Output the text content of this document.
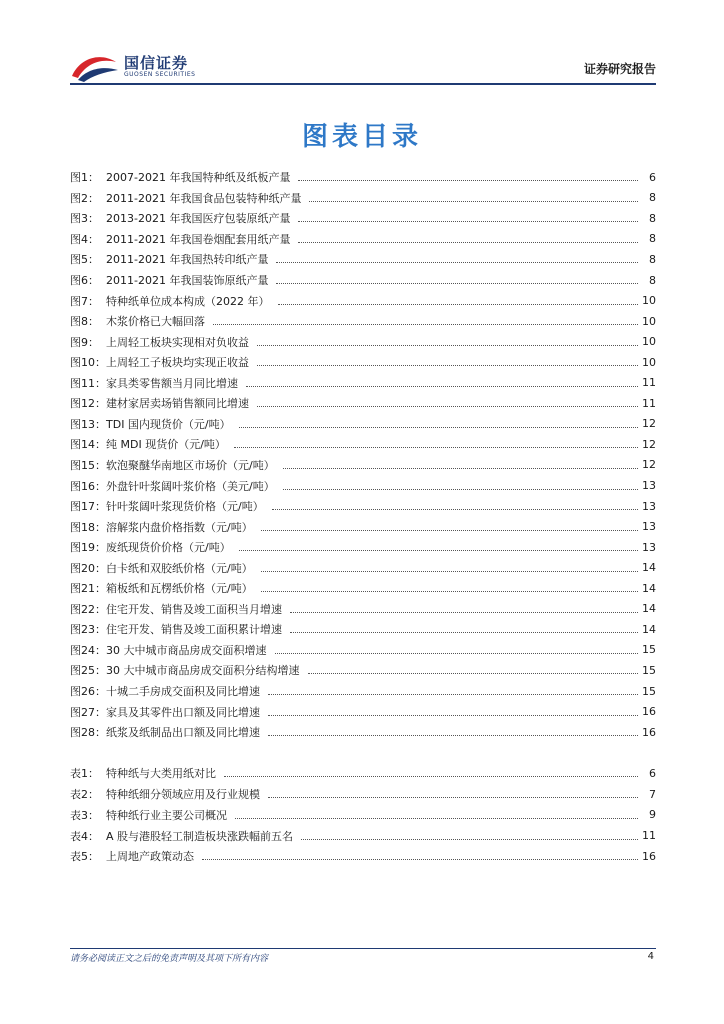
国信证券
GUOSEN SECURITIES	证券研究报告
图表目录
图1： 2007-2021 年我国特种纸及纸板产量	6
图2： 2011-2021 年我国食品包装特种纸产量	8
图3： 2013-2021 年我国医疗包装原纸产量	8
图4： 2011-2021 年我国卷烟配套用纸产量	8
图5： 2011-2021 年我国热转印纸产量	8
图6： 2011-2021 年我国装饰原纸产量	8
图7： 特种纸单位成本构成（2022 年）	10
图8： 木浆价格已大幅回落	10
图9： 上周轻工板块实现相对负收益	10
图10： 上周轻工子板块均实现正收益	10
图11： 家具类零售额当月同比增速	11
图12： 建材家居卖场销售额同比增速	11
图13： TDI 国内现货价（元/吨）	12
图14： 纯 MDI 现货价（元/吨）	12
图15： 软泡聚醚华南地区市场价（元/吨）	12
图16： 外盘针叶浆阔叶浆价格（美元/吨）	13
图17： 针叶浆阔叶浆现货价格（元/吨）	13
图18： 溶解浆内盘价格指数（元/吨）	13
图19： 废纸现货价价格（元/吨）	13
图20： 白卡纸和双胶纸价格（元/吨）	14
图21： 箱板纸和瓦楞纸价格（元/吨）	14
图22： 住宅开发、销售及竣工面积当月增速	14
图23： 住宅开发、销售及竣工面积累计增速	14
图24： 30 大中城市商品房成交面积增速	15
图25： 30 大中城市商品房成交面积分结构增速	15
图26： 十城二手房成交面积及同比增速	15
图27： 家具及其零件出口额及同比增速	16
图28： 纸浆及纸制品出口额及同比增速	16
表1： 特种纸与大类用纸对比	6
表2： 特种纸细分领域应用及行业规模	7
表3： 特种纸行业主要公司概况	9
表4： A 股与港股轻工制造板块涨跌幅前五名	11
表5： 上周地产政策动态	16
请务必阅读正文之后的免责声明及其项下所有内容	4
